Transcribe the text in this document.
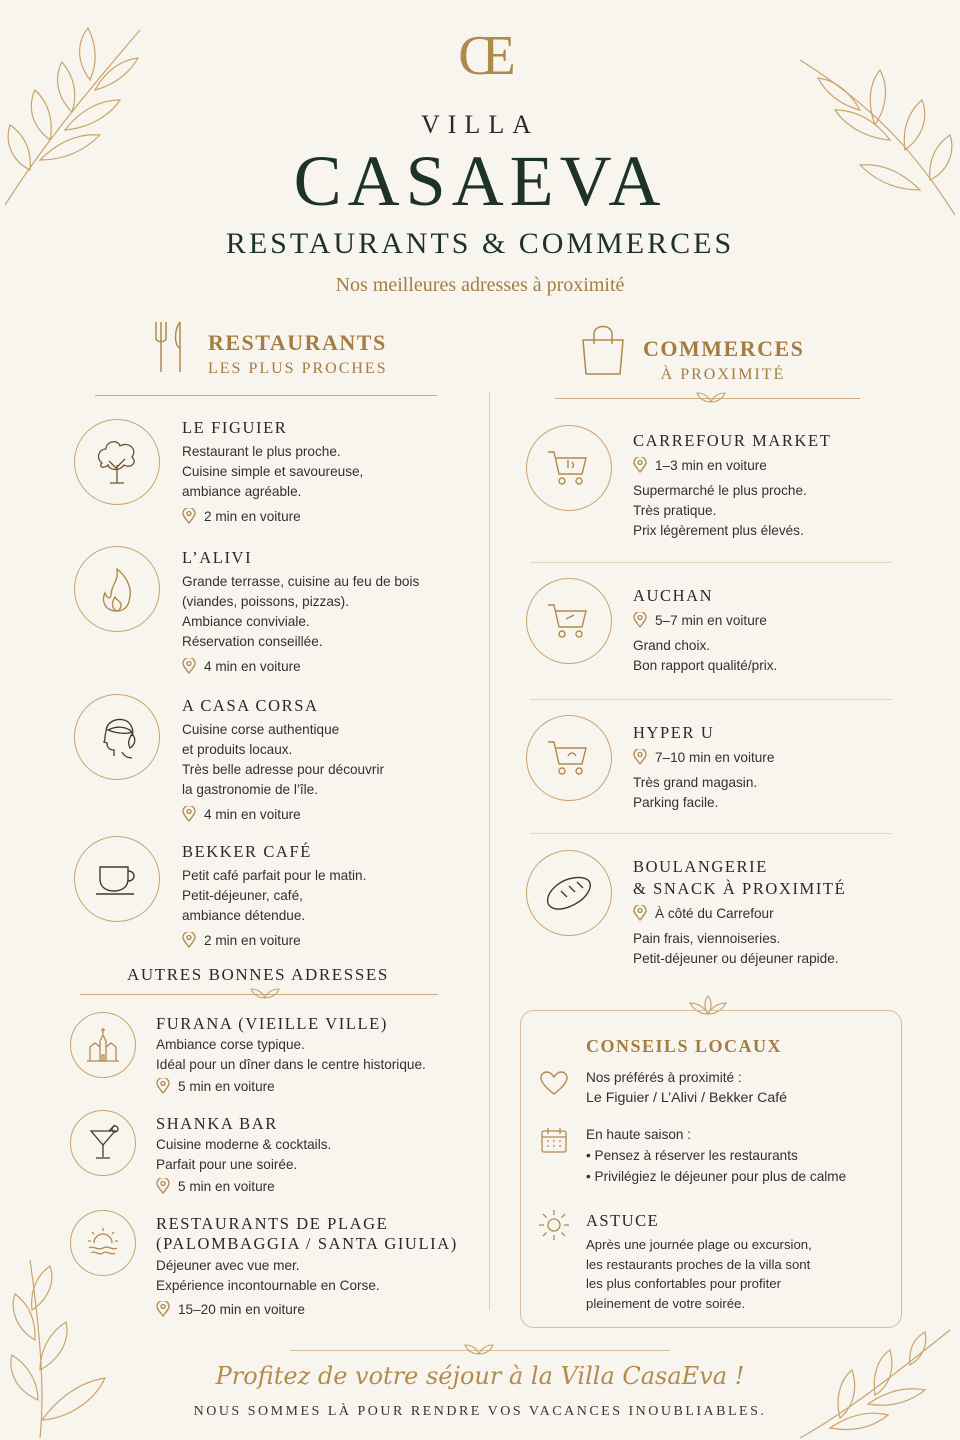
CE
VILLA
CASAEVA
RESTAURANTS & COMMERCES
Nos meilleures adresses à proximité
RESTAURANTS
LES PLUS PROCHES
COMMERCES
À PROXIMITÉ
LE FIGUIER
Restaurant le plus proche.
Cuisine simple et savoureuse,
ambiance agréable.
2 min en voiture
L’ALIVI
Grande terrasse, cuisine au feu de bois
(viandes, poissons, pizzas).
Ambiance conviviale.
Réservation conseillée.
4 min en voiture
A CASA CORSA
Cuisine corse authentique
et produits locaux.
Très belle adresse pour découvrir
la gastronomie de l’île.
4 min en voiture
BEKKER CAFÉ
Petit café parfait pour le matin.
Petit-déjeuner, café,
ambiance détendue.
2 min en voiture
AUTRES BONNES ADRESSES
FURANA (VIEILLE VILLE)
Ambiance corse typique.
Idéal pour un dîner dans le centre historique.
5 min en voiture
SHANKA BAR
Cuisine moderne & cocktails.
Parfait pour une soirée.
5 min en voiture
RESTAURANTS DE PLAGE
(PALOMBAGGIA / SANTA GIULIA)
Déjeuner avec vue mer.
Expérience incontournable en Corse.
15–20 min en voiture
CARREFOUR MARKET
1–3 min en voiture
Supermarché le plus proche.
Très pratique.
Prix légèrement plus élevés.
AUCHAN
5–7 min en voiture
Grand choix.
Bon rapport qualité/prix.
HYPER U
7–10 min en voiture
Très grand magasin.
Parking facile.
BOULANGERIE
& SNACK À PROXIMITÉ
À côté du Carrefour
Pain frais, viennoiseries.
Petit-déjeuner ou déjeuner rapide.
CONSEILS LOCAUX
Nos préférés à proximité :
Le Figuier / L’Alivi / Bekker Café
En haute saison :
• Pensez à réserver les restaurants
• Privilégiez le déjeuner pour plus de calme
ASTUCE
Après une journée plage ou excursion,
les restaurants proches de la villa sont
les plus confortables pour profiter
pleinement de votre soirée.
Profitez de votre séjour à la Villa CasaEva !
NOUS SOMMES LÀ POUR RENDRE VOS VACANCES INOUBLIABLES.
